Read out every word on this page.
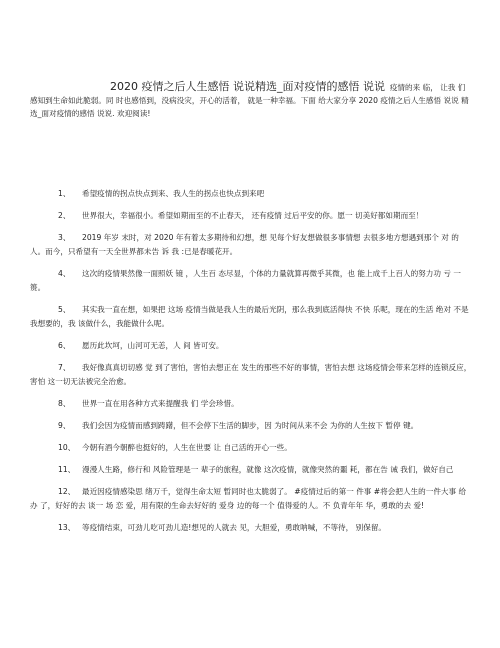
2020 疫情之后人生感悟 说说精选_面对疫情的感悟 说说 疫情的来 临， 让我 们 感知到生命如此脆弱。同 时也感悟到，没病没灾，开心的活着， 就是一种幸福。下面 给大家分享 2020 疫情之后人生感悟 说说 精选_面对疫情的感悟 说说. 欢迎阅读!
1、 希望疫情的拐点快点到来、我人生的拐点也快点到来吧
2、 世界很大，幸福很小。希望如期而至的不止春天， 还有疫情 过后平安的你。愿一 切美好都如期而至！
3、 2019 年岁 末时，对 2020 年有着太多期待和幻想，想 见每个好友想做很多事情想 去很多地方想遇到那个 对 的人。而今，只希望有一天全世界都未告 诉 我 :已是春暖花开。
4、 这次的疫情果然像一面照妖 镜 ，人生百 态尽显，个体的力量就算再微乎其微，也 能上成千上百人的努力功 亏 一篑。
5、 其实我一直在想，如果把 这场 疫情当做是我人生的最后光阴，那么我到底活得快 不快 乐呢，现在的生活 绝对 不是我想要的，我 该做什么，我能做什么呢。
6、 愿历此坎坷，山河可无恙，人 间 皆可安。
7、 我好像真真切切感 觉 到了害怕，害怕去想正在 发生的那些不好的事情，害怕去想 这场疫情会带来怎样的连锁反应，害怕 这一切无法被完全治愈。
8、 世界一直在用各种方式来提醒我 们 学会珍惜。
9、 我们会因为疫情而感到踌躇，但不会停下生活的脚步，因 为时间从来不会 为你的人生按下 暂停 键。
10、 今朝有酒今朝醉也挺好的，人生在世要 让 自己活的开心一些。
11、 漫漫人生路，修行和 风险管理是一 辈子的旅程，就像 这次疫情，就像突然的噩 耗，都在告 诫 我们，做好自己
12、 最近因疫情感染思 绪万千，觉得生命太短 暂同时也太脆弱了。 #疫情过后的第一 件事 #将会把人生的一件大事 给办 了，好好的去 谈一 场 恋 爱，用有限的生命去好好的 爱身 边的每一个 值得爱的人。不 负青年年 华，勇敢的去 爱!
13、 等疫情结束，可劲儿吃可劲儿造!想见的人就去 见，大胆爱，勇敢呐喊，不等待， 别保留。
